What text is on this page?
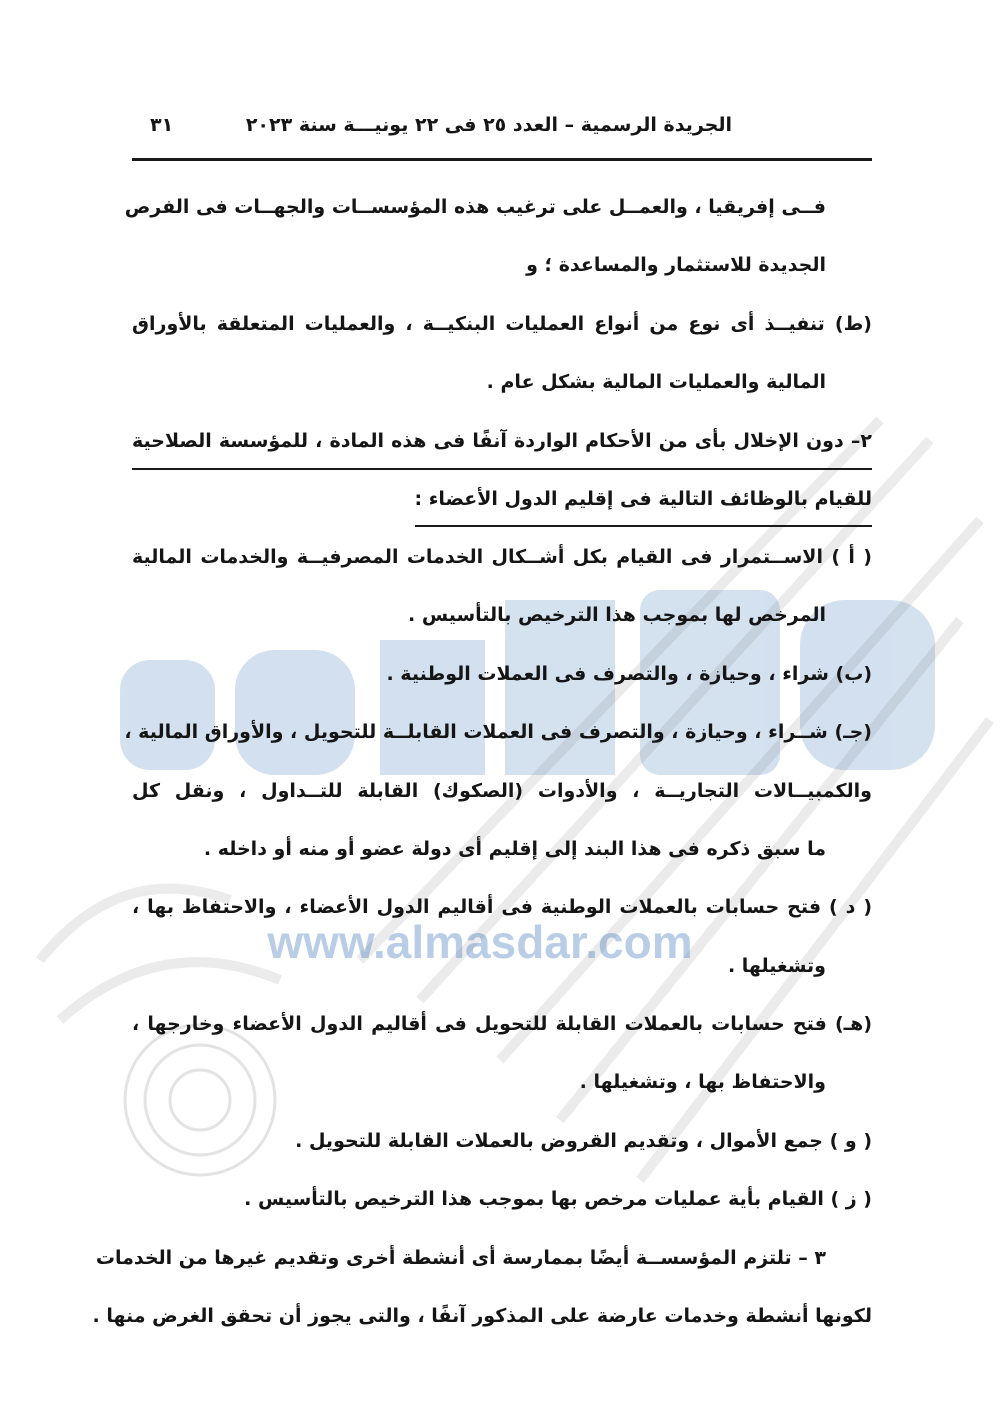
www.almasdar.com
الجريدة الرسمية – العدد ٢٥ فى ٢٢ يونيـــة سنة ٢٠٢٣
٣١
فــى إفريقيا ، والعمــل على ترغيب هذه المؤسســات والجهــات فى الفرص
الجديدة للاستثمار والمساعدة ؛ و
(ط) تنفيــذ أى نوع من أنواع العمليات البنكيــة ، والعمليات المتعلقة بالأوراق
المالية والعمليات المالية بشكل عام .
٢– دون الإخلال بأى من الأحكام الواردة آنفًا فى هذه المادة ، للمؤسسة الصلاحية
للقيام بالوظائف التالية فى إقليم الدول الأعضاء :
( أ ) الاســتمرار فى القيام بكل أشــكال الخدمات المصرفيــة والخدمات المالية
المرخص لها بموجب هذا الترخيص بالتأسيس .
(ب) شراء ، وحيازة ، والتصرف فى العملات الوطنية .
(جـ) شــراء ، وحيازة ، والتصرف فى العملات القابلــة للتحويل ، والأوراق المالية ،
والكمبيــالات التجاريــة ، والأدوات (الصكوك) القابلة للتــداول ، ونقل كل
ما سبق ذكره فى هذا البند إلى إقليم أى دولة عضو أو منه أو داخله .
( د ) فتح حسابات بالعملات الوطنية فى أقاليم الدول الأعضاء ، والاحتفاظ بها ،
وتشغيلها .
(هـ) فتح حسابات بالعملات القابلة للتحويل فى أقاليم الدول الأعضاء وخارجها ،
والاحتفاظ بها ، وتشغيلها .
( و ) جمع الأموال ، وتقديم القروض بالعملات القابلة للتحويل .
( ز ) القيام بأية عمليات مرخص بها بموجب هذا الترخيص بالتأسيس .
٣ – تلتزم المؤسســة أيضًا بممارسة أى أنشطة أخرى وتقديم غيرها من الخدمات
لكونها أنشطة وخدمات عارضة على المذكور آنفًا ، والتى يجوز أن تحقق الغرض منها .
